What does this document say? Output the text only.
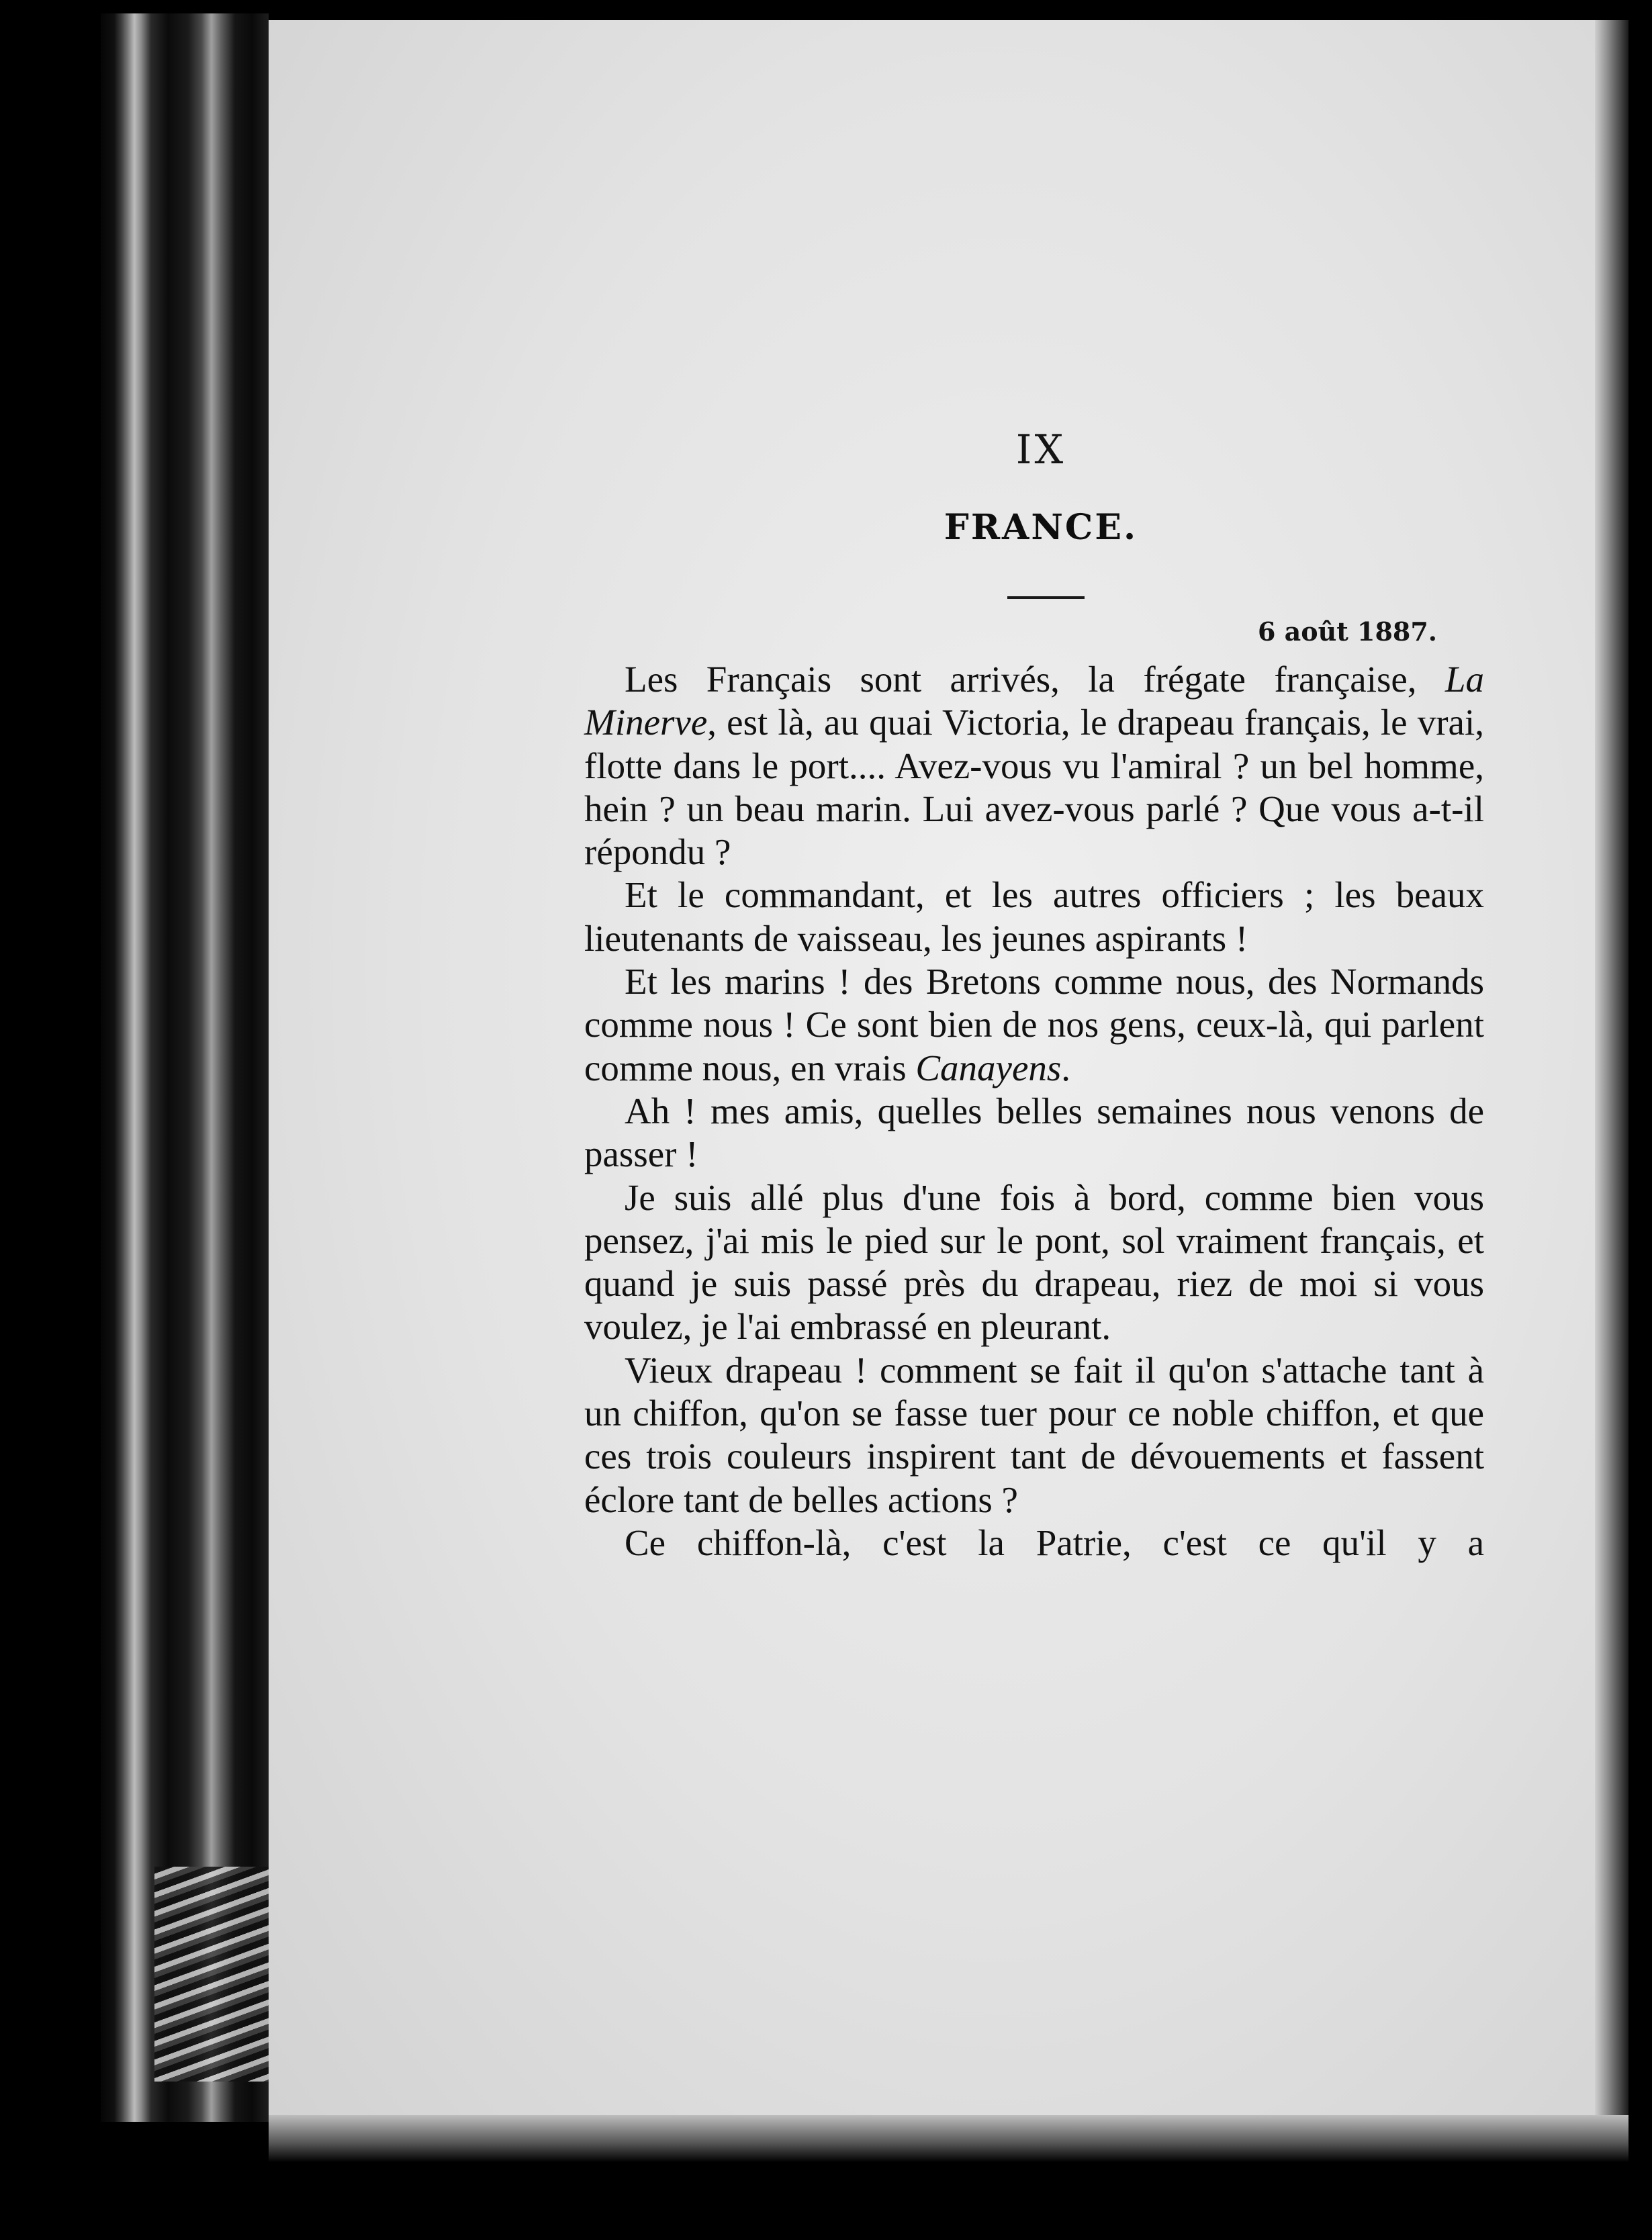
IX
FRANCE.
6 août 1887.

Les Français sont arrivés, la frégate française, La Minerve, est là, au quai Victoria, le drapeau français, le vrai, flotte dans le port.... Avez-vous vu l'amiral ? un bel homme, hein ? un beau marin. Lui avez-vous parlé ? Que vous a-t-il répondu ?

Et le commandant, et les autres officiers ; les beaux lieutenants de vaisseau, les jeunes aspirants !

Et les marins ! des Bretons comme nous, des Normands comme nous ! Ce sont bien de nos gens, ceux-là, qui parlent comme nous, en vrais Canayens.

Ah ! mes amis, quelles belles semaines nous venons de passer !

Je suis allé plus d'une fois à bord, comme bien vous pensez, j'ai mis le pied sur le pont, sol vraiment français, et quand je suis passé près du drapeau, riez de moi si vous voulez, je l'ai embrassé en pleurant.

Vieux drapeau ! comment se fait il qu'on s'attache tant à un chiffon, qu'on se fasse tuer pour ce noble chiffon, et que ces trois couleurs inspirent tant de dévouements et fassent éclore tant de belles actions ?

Ce chiffon-là, c'est la Patrie, c'est ce qu'il y a
